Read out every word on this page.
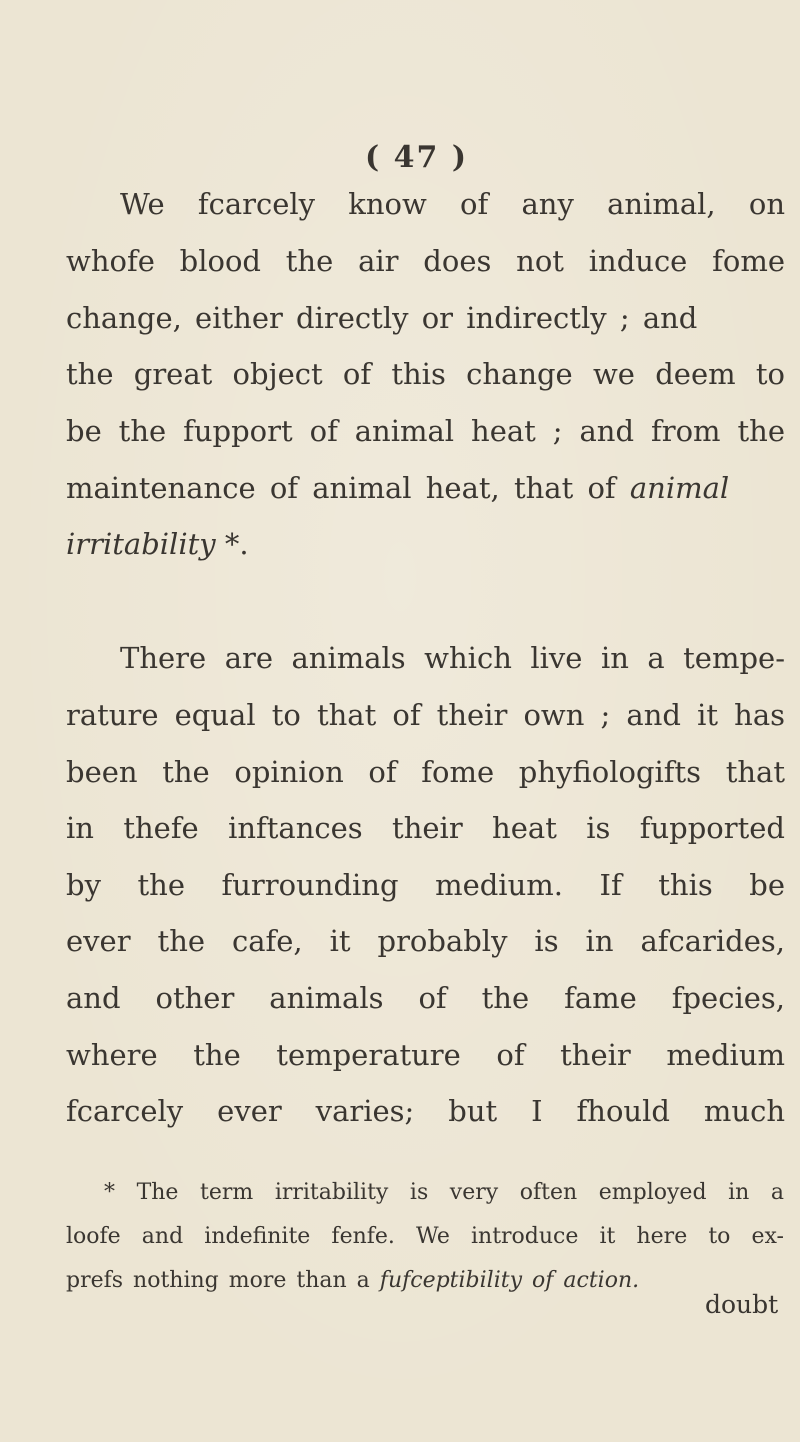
( 47 )
We fcarcely know of any animal, on
whofe blood the air does not induce fome
change, either directly or indirectly ; and
the great object of this change we deem to
be the fupport of animal heat ; and from the
maintenance of animal heat, that of animal
irritability *.
There are animals which live in a tempe-
rature equal to that of their own ; and it has
been the opinion of fome phyfiologifts that
in thefe inftances their heat is fupported
by the furrounding medium. If this be
ever the cafe, it probably is in afcarides,
and other animals of the fame fpecies,
where the temperature of their medium
fcarcely ever varies; but I fhould much
* The term irritability is very often employed in a
loofe and indefinite fenfe. We introduce it here to ex-
prefs nothing more than a fufceptibility of action.
doubt
